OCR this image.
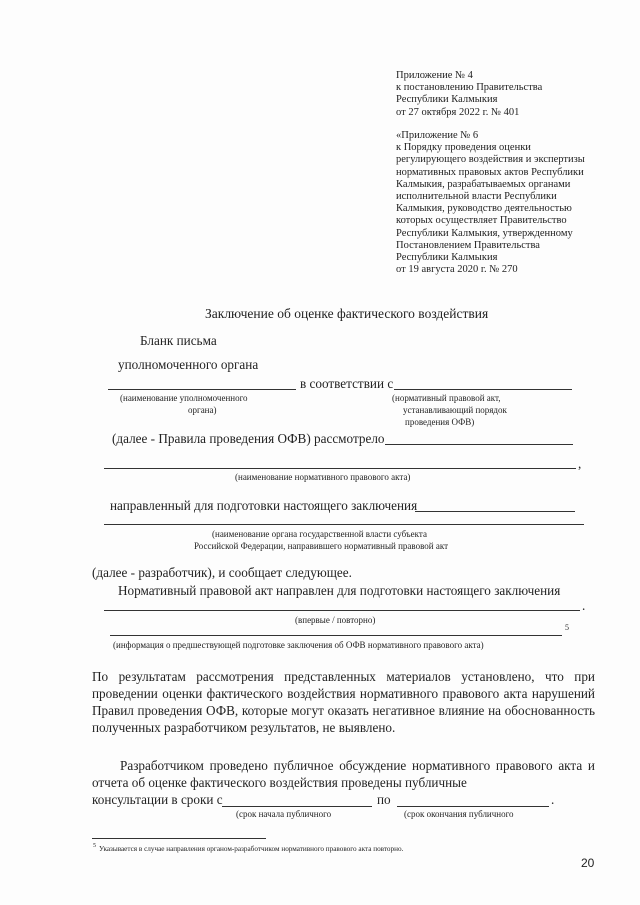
Приложение № 4
к постановлению Правительства
Республики Калмыкия
от 27 октября 2022 г. № 401
«Приложение № 6
к Порядку проведения оценки
регулирующего воздействия и экспертизы
нормативных правовых актов Республики
Калмыкия, разрабатываемых органами
исполнительной власти Республики
Калмыкия, руководство деятельностью
которых осуществляет Правительство
Республики Калмыкия, утвержденному
Постановлением Правительства
Республики Калмыкия
от 19 августа 2020 г. № 270
Заключение об оценке фактического воздействия
Бланк письма
уполномоченного органа
в соответствии с
(наименование уполномоченного
органа)
(нормативный правовой акт,
устанавливающий порядок
проведения ОФВ)
(далее - Правила проведения ОФВ) рассмотрело
,
(наименование нормативного правового акта)
направленный для подготовки настоящего заключения
(наименование органа государственной власти субъекта
Российской Федерации, направившего нормативный правовой акт
(далее - разработчик), и сообщает следующее.
Нормативный правовой акт направлен для подготовки настоящего заключения
.
(впервые / повторно)
5
(информация о предшествующей подготовке заключения об ОФВ нормативного правового акта)
По результатам рассмотрения представленных материалов установлено, что при
проведении оценки фактического воздействия нормативного правового акта нарушений
Правил проведения ОФВ, которые могут оказать негативное влияние на обоснованность
полученных разработчиком результатов, не выявлено.
Разработчиком проведено публичное обсуждение нормативного правового акта и
отчета об оценке фактического воздействия проведены публичные
консультации в сроки с	по	.
(срок начала публичного	(срок окончания публичного
5 Указывается в случае направления органом-разработчиком нормативного правового акта повторно.
20
